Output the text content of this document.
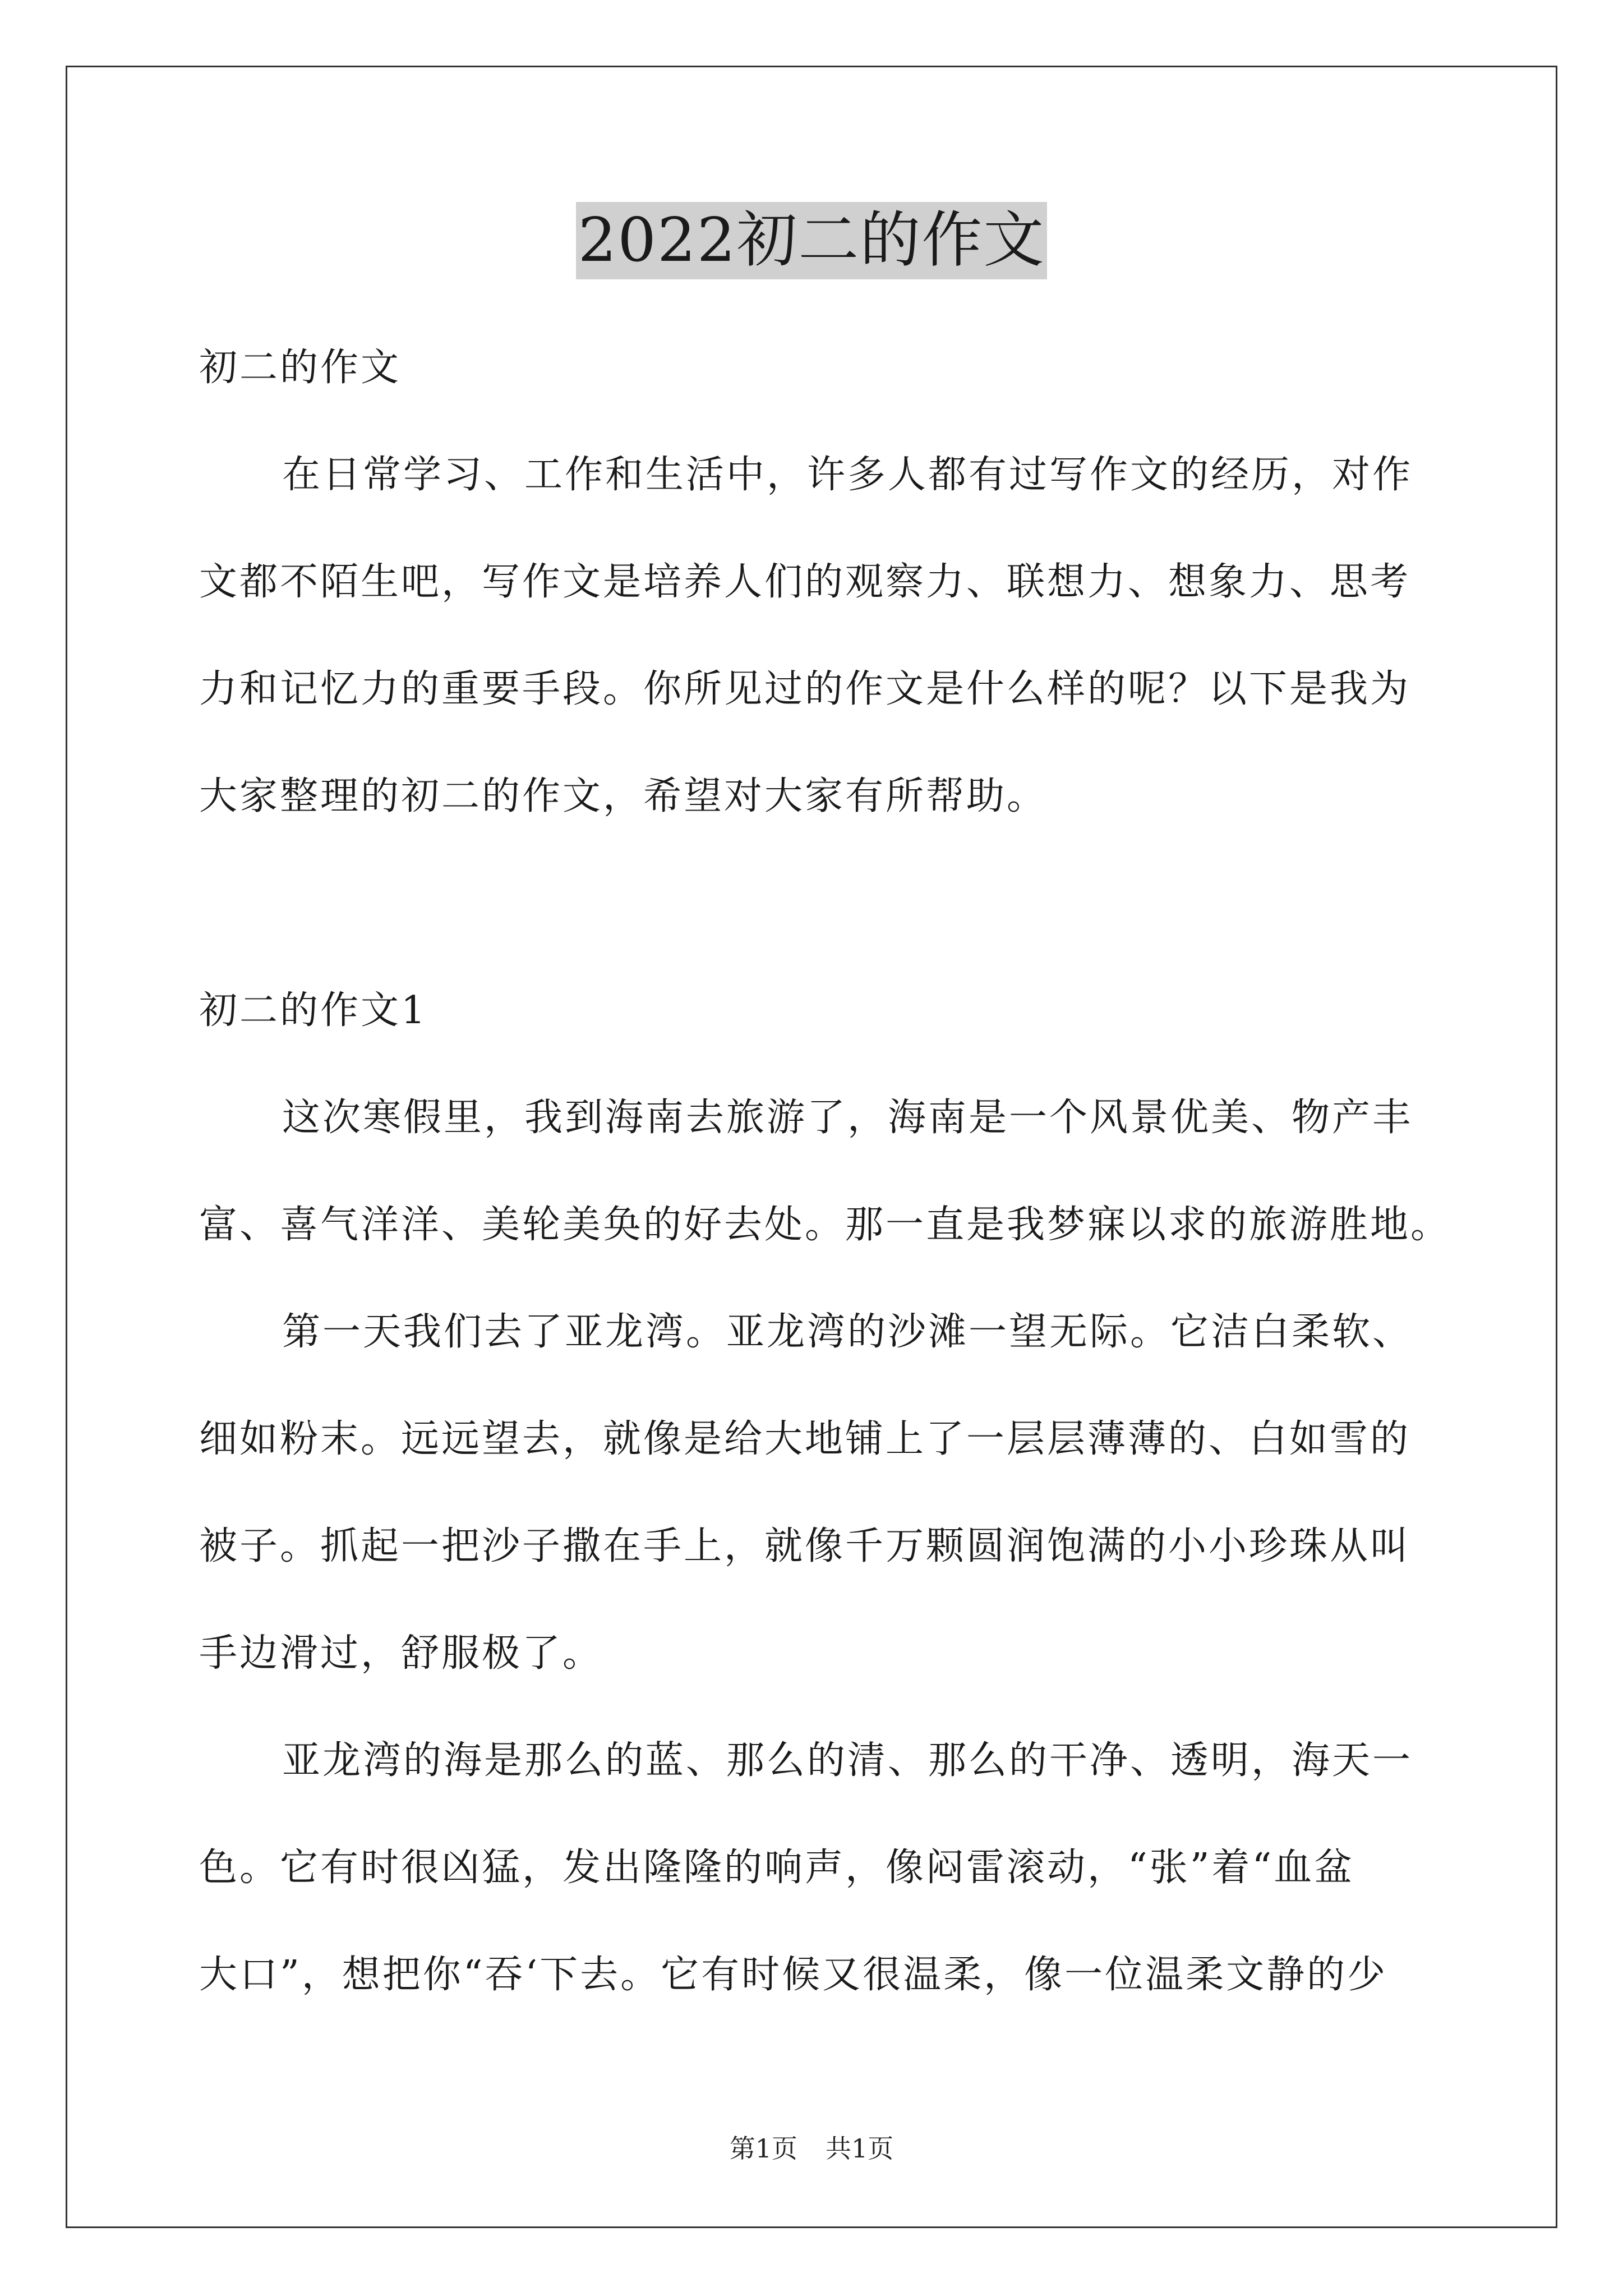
2022初二的作文
初二的作文
在日常学习、工作和生活中，许多人都有过写作文的经历，对作
文都不陌生吧，写作文是培养人们的观察力、联想力、想象力、思考
力和记忆力的重要手段。你所见过的作文是什么样的呢？以下是我为
大家整理的初二的作文，希望对大家有所帮助。
初二的作文1
这次寒假里，我到海南去旅游了，海南是一个风景优美、物产丰
富、喜气洋洋、美轮美奂的好去处。那一直是我梦寐以求的旅游胜地。
第一天我们去了亚龙湾。亚龙湾的沙滩一望无际。它洁白柔软、
细如粉末。远远望去，就像是给大地铺上了一层层薄薄的、白如雪的
被子。抓起一把沙子撒在手上，就像千万颗圆润饱满的小小珍珠从叫
手边滑过，舒服极了。
亚龙湾的海是那么的蓝、那么的清、那么的干净、透明，海天一
色。它有时很凶猛，发出隆隆的响声，像闷雷滚动，“张”着“血盆
大口”，想把你“吞‘下去。它有时候又很温柔，像一位温柔文静的少
第1页 共1页
